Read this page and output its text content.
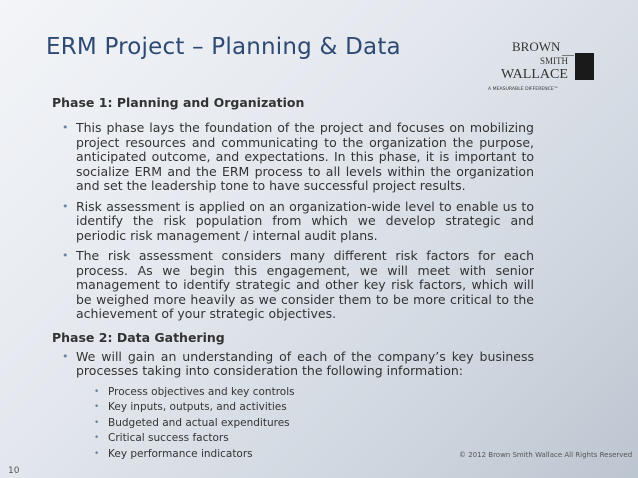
ERM Project – Planning & Data	BROWN
SMITH
WALLACE
A MEASURABLE DIFFERENCE™
Phase 1: Planning and Organization
• This phase lays the foundation of the project and focuses on mobilizing project resources and communicating to the organization the purpose, anticipated outcome, and expectations. In this phase, it is important to socialize ERM and the ERM process to all levels within the organization and set the leadership tone to have successful project results.
• Risk assessment is applied on an organization-wide level to enable us to identify the risk population from which we develop strategic and periodic risk management / internal audit plans.
• The risk assessment considers many different risk factors for each process. As we begin this engagement, we will meet with senior management to identify strategic and other key risk factors, which will be weighed more heavily as we consider them to be more critical to the achievement of your strategic objectives.
Phase 2: Data Gathering
• We will gain an understanding of each of the company’s key business processes taking into consideration the following information:
• Process objectives and key controls
• Key inputs, outputs, and activities
• Budgeted and actual expenditures
• Critical success factors
• Key performance indicators	© 2012 Brown Smith Wallace All Rights Reserved
10
